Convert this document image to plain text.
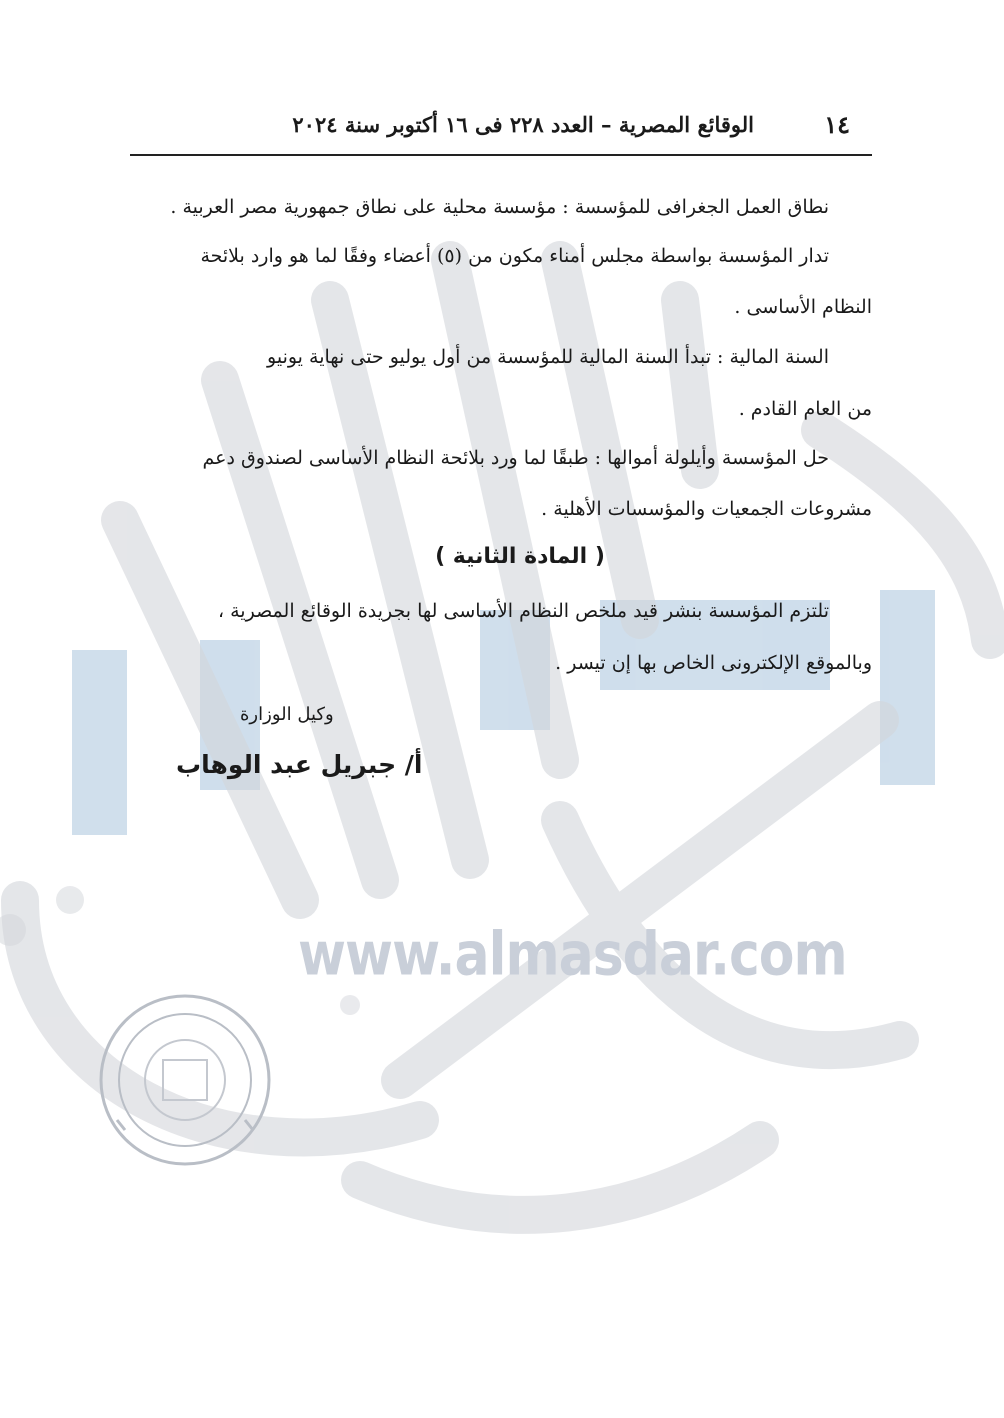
www.almasdar.com
١٤
الوقائع المصرية – العدد ٢٢٨ فى ١٦ أكتوبر سنة ٢٠٢٤
نطاق العمل الجغرافى للمؤسسة : مؤسسة محلية على نطاق جمهورية مصر العربية .
تدار المؤسسة بواسطة مجلس أمناء مكون من (٥) أعضاء وفقًا لما هو وارد بلائحة
النظام الأساسى .
السنة المالية : تبدأ السنة المالية للمؤسسة من أول يوليو حتى نهاية يونيو
من العام القادم .
حل المؤسسة وأيلولة أموالها : طبقًا لما ورد بلائحة النظام الأساسى لصندوق دعم
مشروعات الجمعيات والمؤسسات الأهلية .
( المادة الثانية )
تلتزم المؤسسة بنشر قيد ملخص النظام الأساسى لها بجريدة الوقائع المصرية ،
وبالموقع الإلكترونى الخاص بها إن تيسر .
وكيل الوزارة
أ/ جبريل عبد الوهاب
